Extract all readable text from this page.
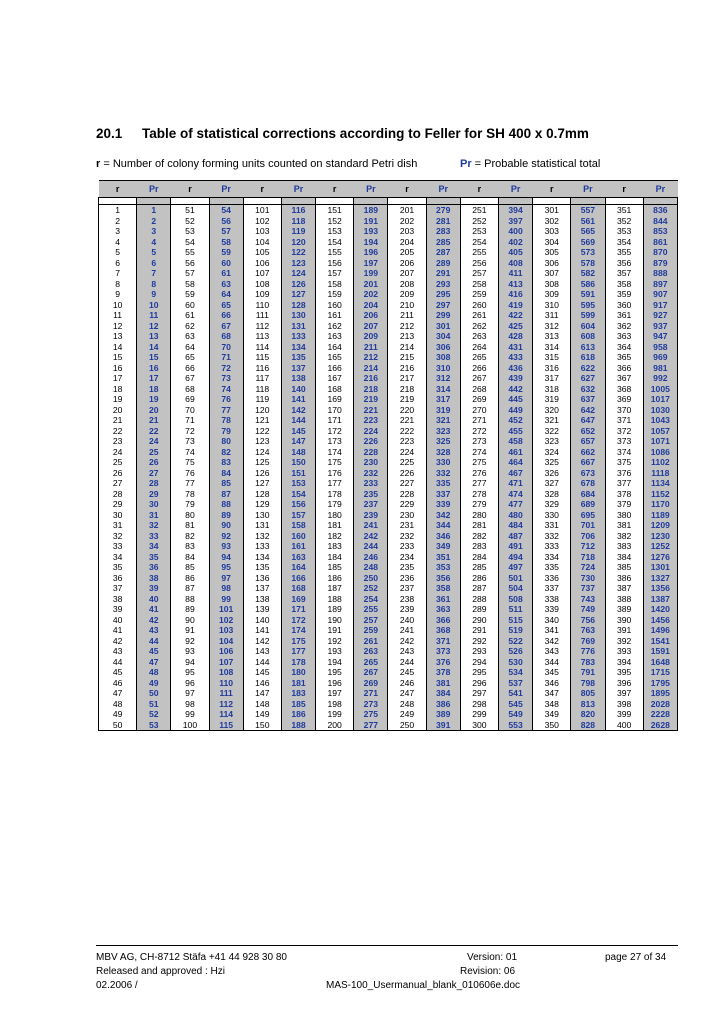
20.1 Table of statistical corrections according to Feller for SH 400 x 0.7mm
r = Number of colony forming units counted on standard Petri dish	Pr = Probable statistical total
r	Pr	r	Pr	r	Pr	r	Pr	r	Pr	r	Pr	r	Pr	r	Pr

1	1	51	54	101	116	151	189	201	279	251	394	301	557	351	836
2	2	52	56	102	118	152	191	202	281	252	397	302	561	352	844
3	3	53	57	103	119	153	193	203	283	253	400	303	565	353	853
4	4	54	58	104	120	154	194	204	285	254	402	304	569	354	861
5	5	55	59	105	122	155	196	205	287	255	405	305	573	355	870
6	6	56	60	106	123	156	197	206	289	256	408	306	578	356	879
7	7	57	61	107	124	157	199	207	291	257	411	307	582	357	888
8	8	58	63	108	126	158	201	208	293	258	413	308	586	358	897
9	9	59	64	109	127	159	202	209	295	259	416	309	591	359	907
10	10	60	65	110	128	160	204	210	297	260	419	310	595	360	917
11	11	61	66	111	130	161	206	211	299	261	422	311	599	361	927
12	12	62	67	112	131	162	207	212	301	262	425	312	604	362	937
13	13	63	68	113	133	163	209	213	304	263	428	313	608	363	947
14	14	64	70	114	134	164	211	214	306	264	431	314	613	364	958
15	15	65	71	115	135	165	212	215	308	265	433	315	618	365	969
16	16	66	72	116	137	166	214	216	310	266	436	316	622	366	981
17	17	67	73	117	138	167	216	217	312	267	439	317	627	367	992
18	18	68	74	118	140	168	218	218	314	268	442	318	632	368	1005
19	19	69	76	119	141	169	219	219	317	269	445	319	637	369	1017
20	20	70	77	120	142	170	221	220	319	270	449	320	642	370	1030
21	21	71	78	121	144	171	223	221	321	271	452	321	647	371	1043
22	22	72	79	122	145	172	224	222	323	272	455	322	652	372	1057
23	24	73	80	123	147	173	226	223	325	273	458	323	657	373	1071
24	25	74	82	124	148	174	228	224	328	274	461	324	662	374	1086
25	26	75	83	125	150	175	230	225	330	275	464	325	667	375	1102
26	27	76	84	126	151	176	232	226	332	276	467	326	673	376	1118
27	28	77	85	127	153	177	233	227	335	277	471	327	678	377	1134
28	29	78	87	128	154	178	235	228	337	278	474	328	684	378	1152
29	30	79	88	129	156	179	237	229	339	279	477	329	689	379	1170
30	31	80	89	130	157	180	239	230	342	280	480	330	695	380	1189
31	32	81	90	131	158	181	241	231	344	281	484	331	701	381	1209
32	33	82	92	132	160	182	242	232	346	282	487	332	706	382	1230
33	34	83	93	133	161	183	244	233	349	283	491	333	712	383	1252
34	35	84	94	134	163	184	246	234	351	284	494	334	718	384	1276
35	36	85	95	135	164	185	248	235	353	285	497	335	724	385	1301
36	38	86	97	136	166	186	250	236	356	286	501	336	730	386	1327
37	39	87	98	137	168	187	252	237	358	287	504	337	737	387	1356
38	40	88	99	138	169	188	254	238	361	288	508	338	743	388	1387
39	41	89	101	139	171	189	255	239	363	289	511	339	749	389	1420
40	42	90	102	140	172	190	257	240	366	290	515	340	756	390	1456
41	43	91	103	141	174	191	259	241	368	291	519	341	763	391	1496
42	44	92	104	142	175	192	261	242	371	292	522	342	769	392	1541
43	45	93	106	143	177	193	263	243	373	293	526	343	776	393	1591
44	47	94	107	144	178	194	265	244	376	294	530	344	783	394	1648
45	48	95	108	145	180	195	267	245	378	295	534	345	791	395	1715
46	49	96	110	146	181	196	269	246	381	296	537	346	798	396	1795
47	50	97	111	147	183	197	271	247	384	297	541	347	805	397	1895
48	51	98	112	148	185	198	273	248	386	298	545	348	813	398	2028
49	52	99	114	149	186	199	275	249	389	299	549	349	820	399	2228
50	53	100	115	150	188	200	277	250	391	300	553	350	828	400	2628
MBV AG, CH-8712 Stäfa +41 44 928 30 80	Version: 01	page 27 of 34
Released and approved : Hzi	Revision: 06
02.2006 /	MAS-100_Usermanual_blank_010606e.doc
